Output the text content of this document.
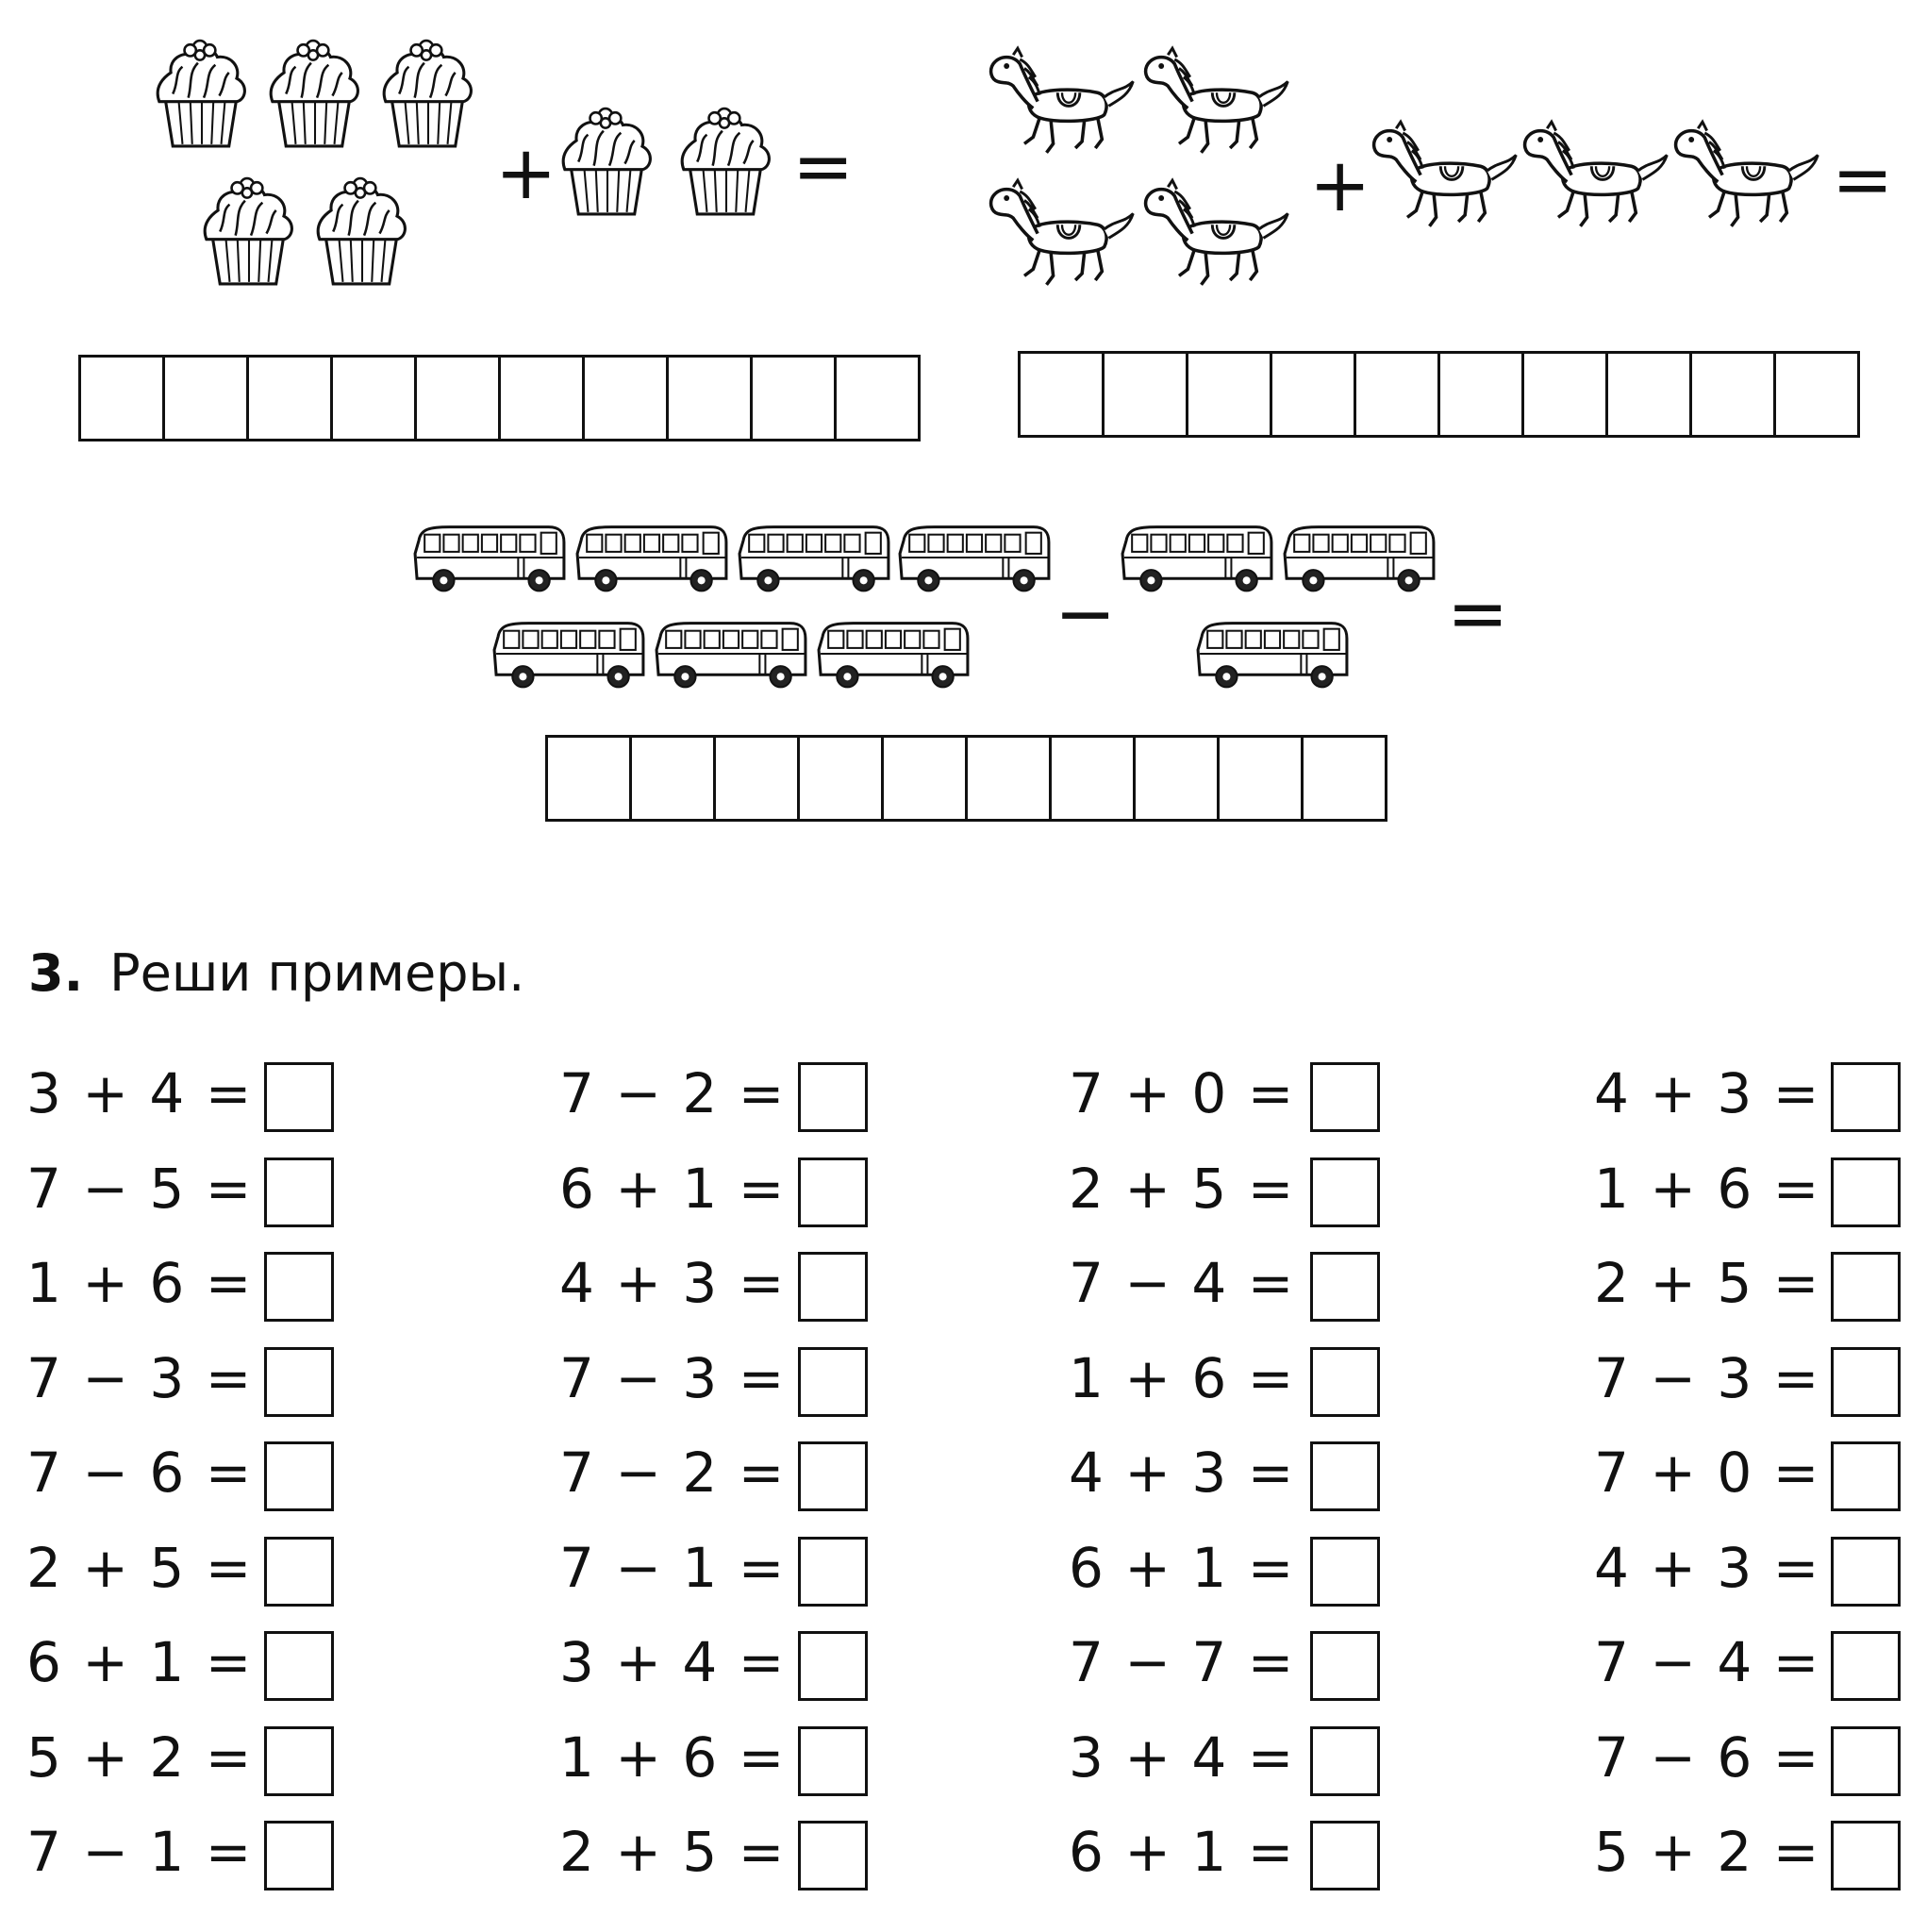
+	=	+	=
−	=
3. Реши примеры.
3 + 4 =
7 − 5 =
1 + 6 =
7 − 3 =
7 − 6 =
2 + 5 =
6 + 1 =
5 + 2 =
7 − 1 =
7 − 2 =
6 + 1 =
4 + 3 =
7 − 3 =
7 − 2 =
7 − 1 =
3 + 4 =
1 + 6 =
2 + 5 =
7 + 0 =
2 + 5 =
7 − 4 =
1 + 6 =
4 + 3 =
6 + 1 =
7 − 7 =
3 + 4 =
6 + 1 =
4 + 3 =
1 + 6 =
2 + 5 =
7 − 3 =
7 + 0 =
4 + 3 =
7 − 4 =
7 − 6 =
5 + 2 =
